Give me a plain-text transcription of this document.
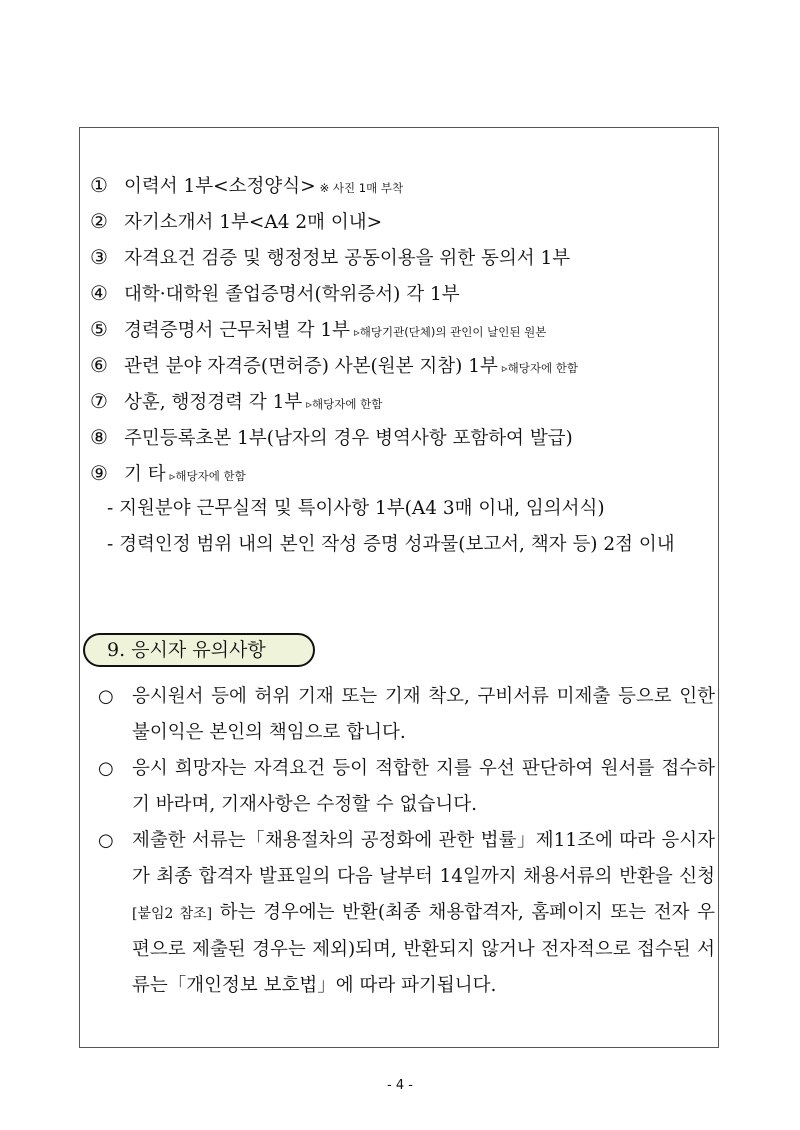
① 이력서 1부<소정양식> ※ 사진 1매 부착
② 자기소개서 1부<A4 2매 이내>
③ 자격요건 검증 및 행정정보 공동이용을 위한 동의서 1부
④ 대학·대학원 졸업증명서(학위증서) 각 1부
⑤ 경력증명서 근무처별 각 1부 ▹해당기관(단체)의 관인이 날인된 원본
⑥ 관련 분야 자격증(면허증) 사본(원본 지참) 1부 ▹해당자에 한함
⑦ 상훈, 행정경력 각 1부 ▹해당자에 한함
⑧ 주민등록초본 1부(남자의 경우 병역사항 포함하여 발급)
⑨ 기 타 ▹해당자에 한함
- 지원분야 근무실적 및 특이사항 1부(A4 3매 이내, 임의서식)
- 경력인정 범위 내의 본인 작성 증명 성과물(보고서, 책자 등) 2점 이내
9. 응시자 유의사항
○ 응시원서 등에 허위 기재 또는 기재 착오, 구비서류 미제출 등으로 인한 불이익은 본인의 책임으로 합니다.
○ 응시 희망자는 자격요건 등이 적합한 지를 우선 판단하여 원서를 접수하기 바라며, 기재사항은 수정할 수 없습니다.
○ 제출한 서류는「채용절차의 공정화에 관한 법률」제11조에 따라 응시자가 최종 합격자 발표일의 다음 날부터 14일까지 채용서류의 반환을 신청[붙임2 참조] 하는 경우에는 반환(최종 채용합격자, 홈페이지 또는 전자 우편으로 제출된 경우는 제외)되며, 반환되지 않거나 전자적으로 접수된 서류는「개인정보 보호법」에 따라 파기됩니다.
- 4 -
